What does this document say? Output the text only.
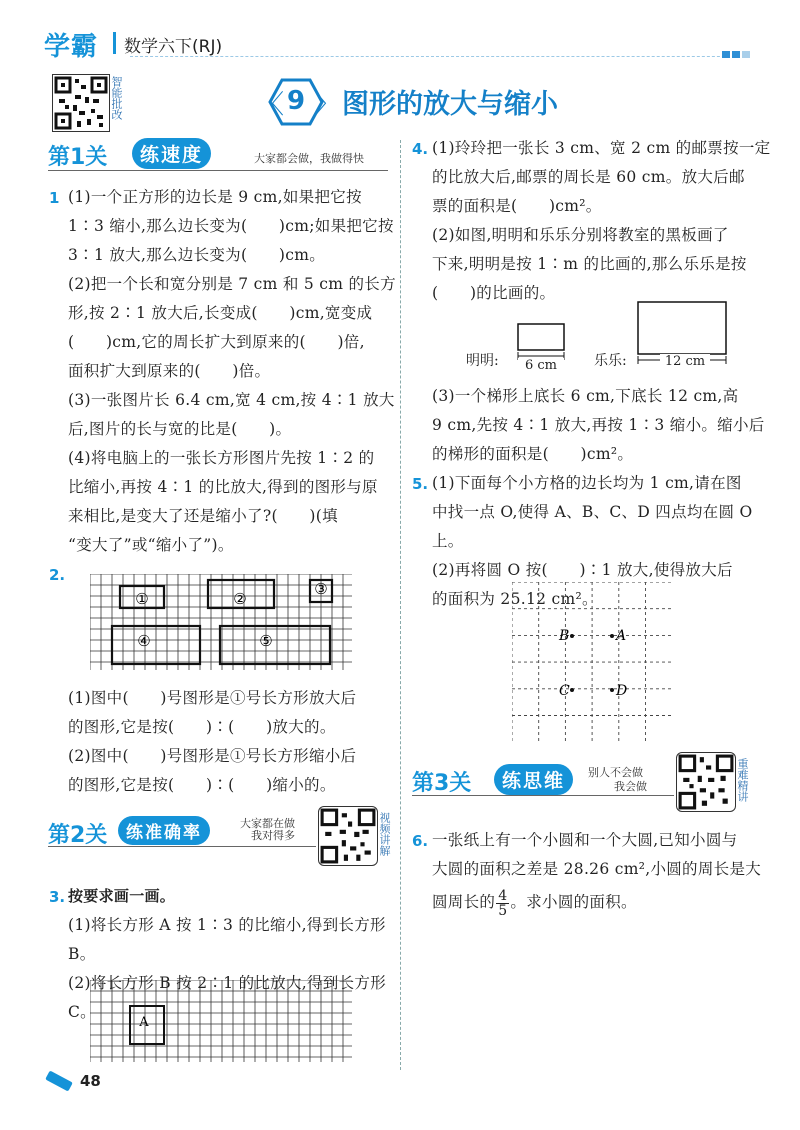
学霸 数学六下(RJ)
智能批改	〈 9 〉 图形的放大与缩小
第1关	练速度	大家都会做，我做得快
1 (1)一个正方形的边长是 9 cm,如果把它按
1∶3 缩小,那么边长变为(　　)cm;如果把它按
3∶1 放大,那么边长变为(　　)cm。
(2)把一个长和宽分别是 7 cm 和 5 cm 的长方
形,按 2∶1 放大后,长变成(　　)cm,宽变成
(　　)cm,它的周长扩大到原来的(　　)倍,
面积扩大到原来的(　　)倍。
(3)一张图片长 6.4 cm,宽 4 cm,按 4∶1 放大
后,图片的长与宽的比是(　　)。
(4)将电脑上的一张长方形图片先按 1∶2 的
比缩小,再按 4∶1 的比放大,得到的图形与原
来相比,是变大了还是缩小了?(　　)(填
“变大了”或“缩小了”)。
2.
①	②
③
④	⑤
(1)图中(　　)号图形是①号长方形放大后
的图形,它是按(　　)∶(　　)放大的。
(2)图中(　　)号图形是①号长方形缩小后
的图形,它是按(　　)∶(　　)缩小的。
第2关	练准确率	大家都在做
我对得多	视频讲解
3. 按要求画一画。
(1)将长方形 A 按 1∶3 的比缩小,得到长方形 B。
(2)将长方形 B 按 2∶1 的比放大,得到长方形 C。
A
4. (1)玲玲把一张长 3 cm、宽 2 cm 的邮票按一定
的比放大后,邮票的周长是 60 cm。放大后邮
票的面积是(　　)cm²。
(2)如图,明明和乐乐分别将教室的黑板画了
下来,明明是按 1∶m 的比画的,那么乐乐是按
(　　)的比画的。
明明:	6 cm	乐乐:	12 cm
(3)一个梯形上底长 6 cm,下底长 12 cm,高
9 cm,先按 4∶1 放大,再按 1∶3 缩小。缩小后
的梯形的面积是(　　)cm²。
5. (1)下面每个小方格的边长均为 1 cm,请在图
中找一点 O,使得 A、B、C、D 四点均在圆 O 上。
(2)再将圆 O 按(　　)∶1 放大,使得放大后
的面积为 25.12 cm²。
B	A
C	D
第3关	练思维	别人不会做
我会做	重难精讲
6. 一张纸上有一个小圆和一个大圆,已知小圆与
大圆的面积之差是 28.26 cm²,小圆的周长是大
圆周长的 $\frac{4}{5}$ 。求小圆的面积。
48
